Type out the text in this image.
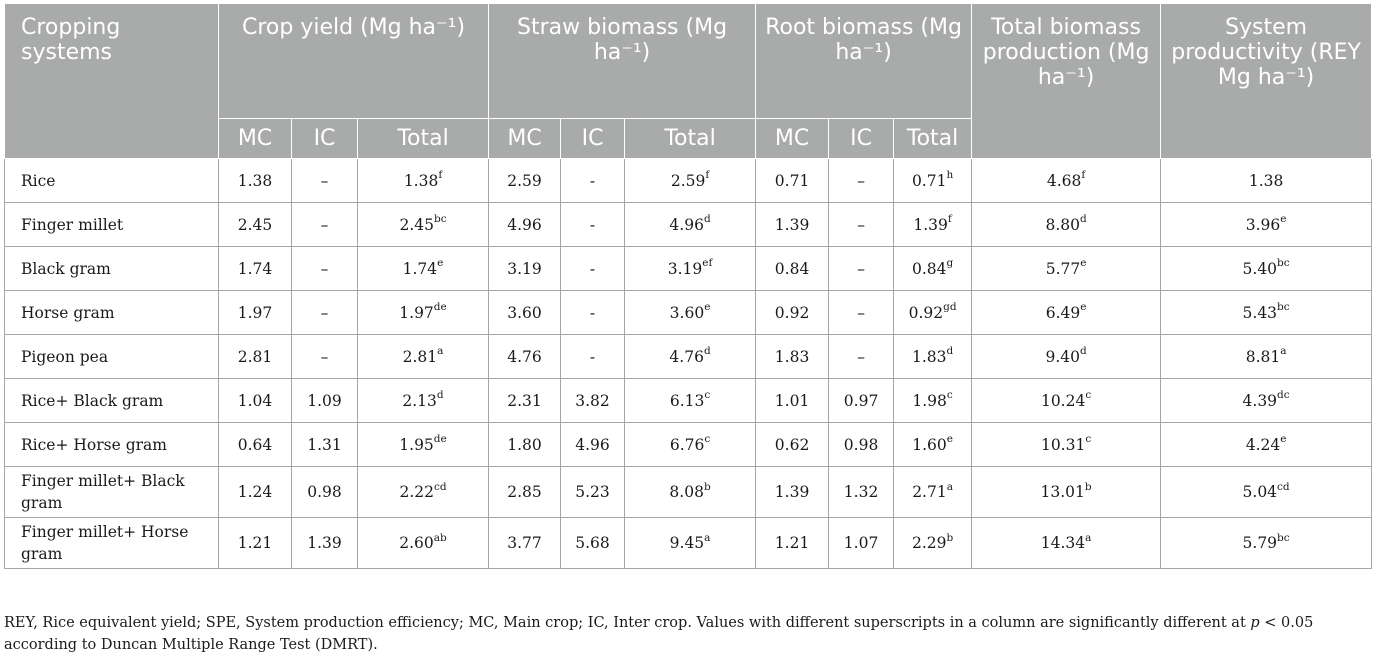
Cropping systems	Crop yield (Mg ha⁻¹)			Straw biomass (Mg ha⁻¹)			Root biomass (Mg ha⁻¹)			Total biomass production (Mg ha⁻¹)	System productivity (REY Mg ha⁻¹)
	MC	IC	Total	MC	IC	Total	MC	IC	Total		
Rice	1.38	–	1.38$^f$	2.59	-	2.59$^f$	0.71	–	0.71$^h$	4.68$^f$	1.38
Finger millet	2.45	–	2.45$^{bc}$	4.96	-	4.96$^d$	1.39	–	1.39$^f$	8.80$^d$	3.96e
Black gram	1.74	–	1.74e	3.19	-	3.19$^{ef}$	0.84	–	0.84$^g$	5.77e	5.40$^{bc}$
Horse gram	1.97	–	1.97de	3.60	-	3.60e	0.92	–	0.92$^{gd}$	6.49e	5.43$^{bc}$
Pigeon pea	2.81	–	2.81$^a$	4.76	-	4.76$^d$	1.83	–	1.83$^d$	9.40$^d$	8.81$^a$
Rice+ Black gram	1.04	1.09	2.13$^d$	2.31	3.82	6.13$^c$	1.01	0.97	1.98$^c$	10.24$^c$	4.39$^{dc}$
Rice+ Horse gram	0.64	1.31	1.95de	1.80	4.96	6.76$^c$	0.62	0.98	1.60e	10.31$^c$	4.24e
Finger millet+ Black gram	1.24	0.98	2.22$^{cd}$	2.85	5.23	8.08$^b$	1.39	1.32	2.71$^a$	13.01$^b$	5.04$^{cd}$
Finger millet+ Horse gram	1.21	1.39	2.60$^{ab}$	3.77	5.68	9.45$^a$	1.21	1.07	2.29$^b$	14.34$^a$	5.79$^{bc}$

REY, Rice equivalent yield; SPE, System production efficiency; MC, Main crop; IC, Inter crop. Values with different superscripts in a column are significantly different at p < 0.05 according to Duncan Multiple Range Test (DMRT).
